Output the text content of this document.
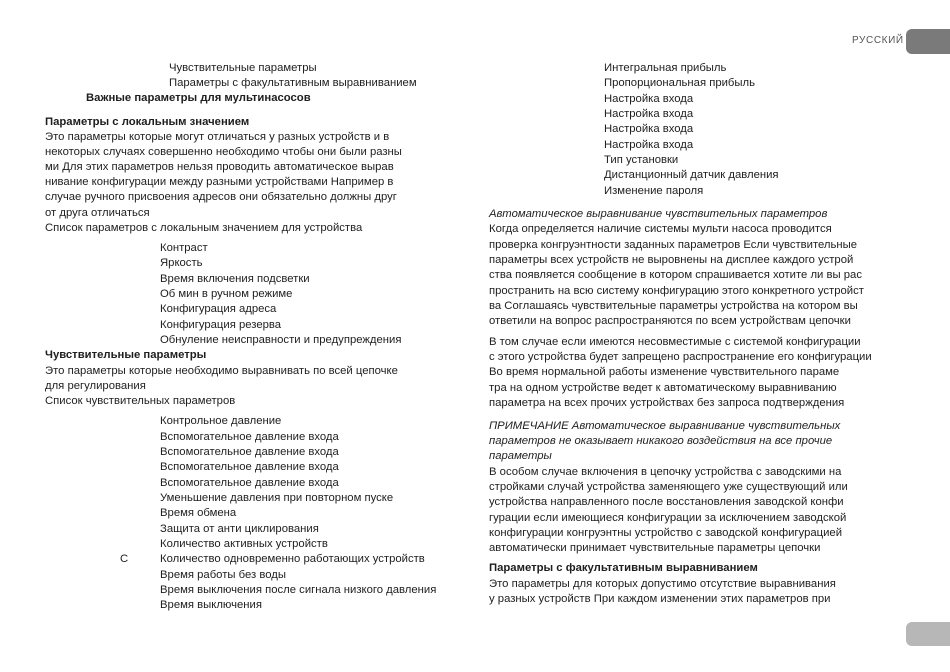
РУССКИЙ
Чувствительные параметры
Параметры с факультативным выравниванием
Важные параметры для мультинасосов
Параметры с локальным значением
Это параметры которые могут отличаться у разных устройств и в
некоторых случаях совершенно необходимо чтобы они были разны
ми Для этих параметров нельзя проводить автоматическое вырав
нивание конфигурации между разными устройствами Например в
случае ручного присвоения адресов они обязательно должны друг
от друга отличаться
Список параметров с локальным значением для устройства
Контраст
Яркость
Время включения подсветки
Об мин в ручном режиме
Конфигурация адреса
Конфигурация резерва
Обнуление неисправности и предупреждения
Чувствительные параметры
Это параметры которые необходимо выравнивать по всей цепочке
для регулирования
Список чувствительных параметров
Контрольное давление
Вспомогательное давление входа
Вспомогательное давление входа
Вспомогательное давление входа
Вспомогательное давление входа
Уменьшение давления при повторном пуске
Время обмена
Защита от анти циклирования
Количество активных устройств
C	Количество одновременно работающих устройств
Время работы без воды
Время выключения после сигнала низкого давления
Время выключения
Интегральная прибыль
Пропорциональная прибыль
Настройка входа
Настройка входа
Настройка входа
Настройка входа
Тип установки
Дистанционный датчик давления
Изменение пароля
Автоматическое выравнивание чувствительных параметров
Когда определяется наличие системы мульти насоса проводится
проверка конгруэнтности заданных параметров Если чувствительные
параметры всех устройств не выровнены на дисплее каждого устрой
ства появляется сообщение в котором спрашивается хотите ли вы рас
пространить на всю систему конфигурацию этого конкретного устройст
ва Соглашаясь чувствительные параметры устройства на котором вы
ответили на вопрос распространяются по всем устройствам цепочки
В том случае если имеются несовместимые с системой конфигурации
с этого устройства будет запрещено распространение его конфигурации
Во время нормальной работы изменение чувствительного параме
тра на одном устройстве ведет к автоматическому выравниванию
параметра на всех прочих устройствах без запроса подтверждения
ПРИМЕЧАНИЕ Автоматическое выравнивание чувствительных
параметров не оказывает никакого воздействия на все прочие
параметры
В особом случае включения в цепочку устройства с заводскими на
стройками случай устройства заменяющего уже существующий или
устройства направленного после восстановления заводской конфи
гурации если имеющиеся конфигурации за исключением заводской
конфигурации конгруэнтны устройство с заводской конфигурацией
автоматически принимает чувствительные параметры цепочки
Параметры с факультативным выравниванием
Это параметры для которых допустимо отсутствие выравнивания
у разных устройств При каждом изменении этих параметров при
